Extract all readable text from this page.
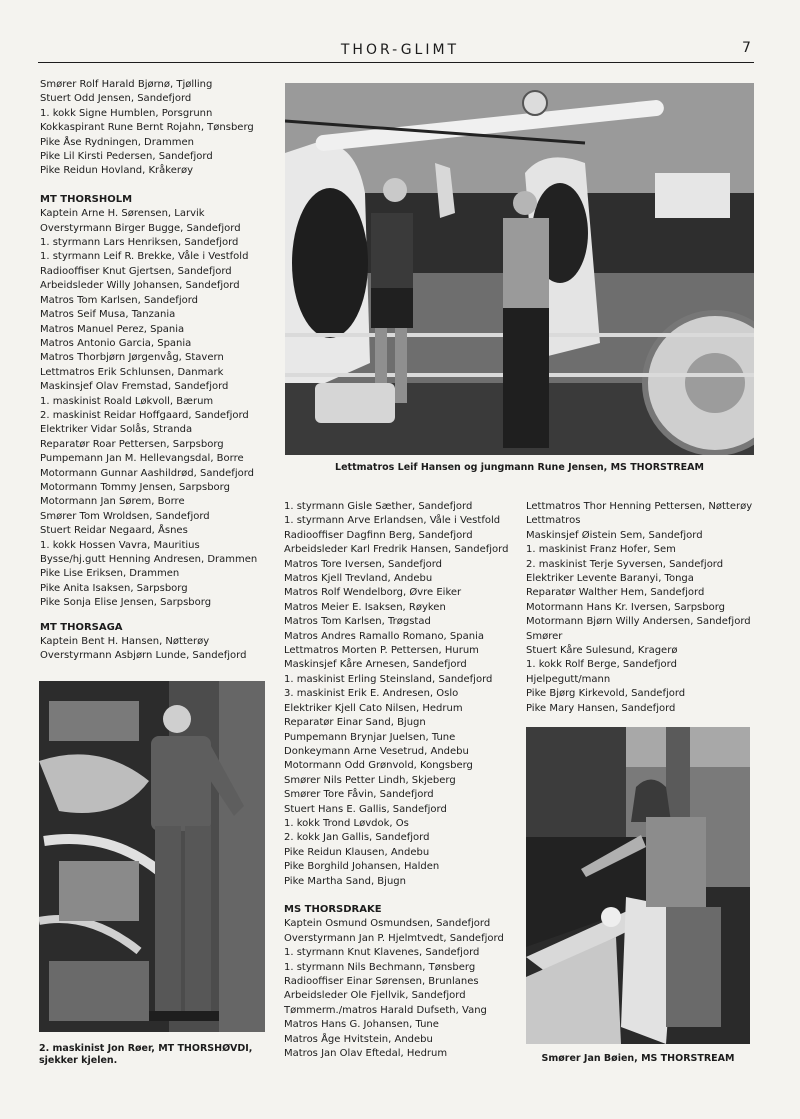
THOR-GLIMT	7
Smører Rolf Harald Bjørnø, Tjølling
Stuert Odd Jensen, Sandefjord
1. kokk Signe Humblen, Porsgrunn
Kokkaspirant Rune Bernt Rojahn, Tønsberg
Pike Åse Rydningen, Drammen
Pike Lil Kirsti Pedersen, Sandefjord
Pike Reidun Hovland, Kråkerøy
MT THORSHOLM
Kaptein Arne H. Sørensen, Larvik
Overstyrmann Birger Bugge, Sandefjord
1. styrmann Lars Henriksen, Sandefjord
1. styrmann Leif R. Brekke, Våle i Vestfold
Radiooffiser Knut Gjertsen, Sandefjord
Arbeidsleder Willy Johansen, Sandefjord
Matros Tom Karlsen, Sandefjord
Matros Seif Musa, Tanzania
Matros Manuel Perez, Spania
Matros Antonio Garcia, Spania
Matros Thorbjørn Jørgenvåg, Stavern
Lettmatros Erik Schlunsen, Danmark
Maskinsjef Olav Fremstad, Sandefjord
1. maskinist Roald Løkvoll, Bærum
2. maskinist Reidar Hoffgaard, Sandefjord
Elektriker Vidar Solås, Stranda
Reparatør Roar Pettersen, Sarpsborg
Pumpemann Jan M. Hellevangsdal, Borre
Motormann Gunnar Aashildrød, Sandefjord
Motormann Tommy Jensen, Sarpsborg
Motormann Jan Sørem, Borre
Smører Tom Wroldsen, Sandefjord
Stuert Reidar Negaard, Åsnes
1. kokk Hossen Vavra, Mauritius
Bysse/hj.gutt Henning Andresen, Drammen
Pike Lise Eriksen, Drammen
Pike Anita Isaksen, Sarpsborg
Pike Sonja Elise Jensen, Sarpsborg
MT THORSAGA
Kaptein Bent H. Hansen, Nøtterøy
Overstyrmann Asbjørn Lunde, Sandefjord
Lettmatros Leif Hansen og jungmann Rune Jensen, MS THORSTREAM
1. styrmann Gisle Sæther, Sandefjord
1. styrmann Arve Erlandsen, Våle i Vestfold
Radiooffiser Dagfinn Berg, Sandefjord
Arbeidsleder Karl Fredrik Hansen, Sandefjord
Matros Tore Iversen, Sandefjord
Matros Kjell Trevland, Andebu
Matros Rolf Wendelborg, Øvre Eiker
Matros Meier E. Isaksen, Røyken
Matros Tom Karlsen, Trøgstad
Matros Andres Ramallo Romano, Spania
Lettmatros Morten P. Pettersen, Hurum
Maskinsjef Kåre Arnesen, Sandefjord
1. maskinist Erling Steinsland, Sandefjord
3. maskinist Erik E. Andresen, Oslo
Elektriker Kjell Cato Nilsen, Hedrum
Reparatør Einar Sand, Bjugn
Pumpemann Brynjar Juelsen, Tune
Donkeymann Arne Vesetrud, Andebu
Motormann Odd Grønvold, Kongsberg
Smører Nils Petter Lindh, Skjeberg
Smører Tore Fåvin, Sandefjord
Stuert Hans E. Gallis, Sandefjord
1. kokk Trond Løvdok, Os
2. kokk Jan Gallis, Sandefjord
Pike Reidun Klausen, Andebu
Pike Borghild Johansen, Halden
Pike Martha Sand, Bjugn
MS THORSDRAKE
Kaptein Osmund Osmundsen, Sandefjord
Overstyrmann Jan P. Hjelmtvedt, Sandefjord
1. styrmann Knut Klavenes, Sandefjord
1. styrmann Nils Bechmann, Tønsberg
Radiooffiser Einar Sørensen, Brunlanes
Arbeidsleder Ole Fjellvik, Sandefjord
Tømmerm./matros Harald Dufseth, Vang
Matros Hans G. Johansen, Tune
Matros Åge Hvitstein, Andebu
Matros Jan Olav Eftedal, Hedrum
Lettmatros Thor Henning Pettersen, Nøtterøy
Lettmatros
Maskinsjef Øistein Sem, Sandefjord
1. maskinist Franz Hofer, Sem
2. maskinist Terje Syversen, Sandefjord
Elektriker Levente Baranyi, Tonga
Reparatør Walther Hem, Sandefjord
Motormann Hans Kr. Iversen, Sarpsborg
Motormann Bjørn Willy Andersen, Sandefjord
Smører
Stuert Kåre Sulesund, Kragerø
1. kokk Rolf Berge, Sandefjord
Hjelpegutt/mann
Pike Bjørg Kirkevold, Sandefjord
Pike Mary Hansen, Sandefjord
2. maskinist Jon Røer, MT THORSHØVDI, sjekker kjelen.	Smører Jan Bøien, MS THORSTREAM
